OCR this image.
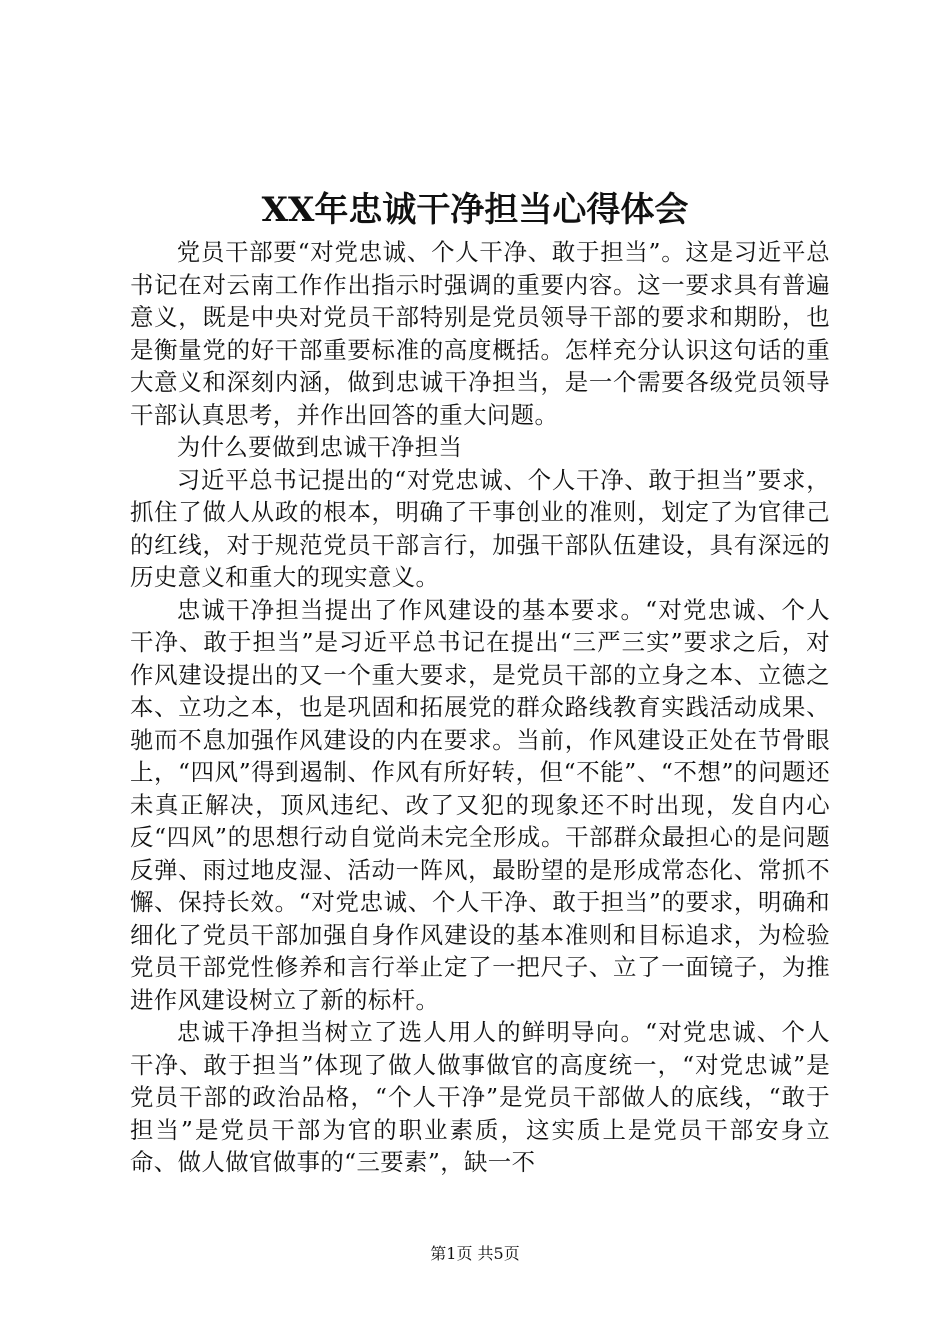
XX年忠诚干净担当心得体会

党员干部要“对党忠诚、个人干净、敢于担当”。这是习近平总书记在对云南工作作出指示时强调的重要内容。这一要求具有普遍意义，既是中央对党员干部特别是党员领导干部的要求和期盼，也是衡量党的好干部重要标准的高度概括。怎样充分认识这句话的重大意义和深刻内涵，做到忠诚干净担当，是一个需要各级党员领导干部认真思考，并作出回答的重大问题。

为什么要做到忠诚干净担当

习近平总书记提出的“对党忠诚、个人干净、敢于担当”要求，抓住了做人从政的根本，明确了干事创业的准则，划定了为官律己的红线，对于规范党员干部言行，加强干部队伍建设，具有深远的历史意义和重大的现实意义。

忠诚干净担当提出了作风建设的基本要求。“对党忠诚、个人干净、敢于担当”是习近平总书记在提出“三严三实”要求之后，对作风建设提出的又一个重大要求，是党员干部的立身之本、立德之本、立功之本，也是巩固和拓展党的群众路线教育实践活动成果、驰而不息加强作风建设的内在要求。当前，作风建设正处在节骨眼上，“四风”得到遏制、作风有所好转，但“不能”、“不想”的问题还未真正解决，顶风违纪、改了又犯的现象还不时出现，发自内心反“四风”的思想行动自觉尚未完全形成。干部群众最担心的是问题反弹、雨过地皮湿、活动一阵风，最盼望的是形成常态化、常抓不懈、保持长效。“对党忠诚、个人干净、敢于担当”的要求，明确和细化了党员干部加强自身作风建设的基本准则和目标追求，为检验党员干部党性修养和言行举止定了一把尺子、立了一面镜子，为推进作风建设树立了新的标杆。

忠诚干净担当树立了选人用人的鲜明导向。“对党忠诚、个人干净、敢于担当”体现了做人做事做官的高度统一，“对党忠诚”是党员干部的政治品格，“个人干净”是党员干部做人的底线，“敢于担当”是党员干部为官的职业素质，这实质上是党员干部安身立命、做人做官做事的“三要素”，缺一不

第1页 共5页
